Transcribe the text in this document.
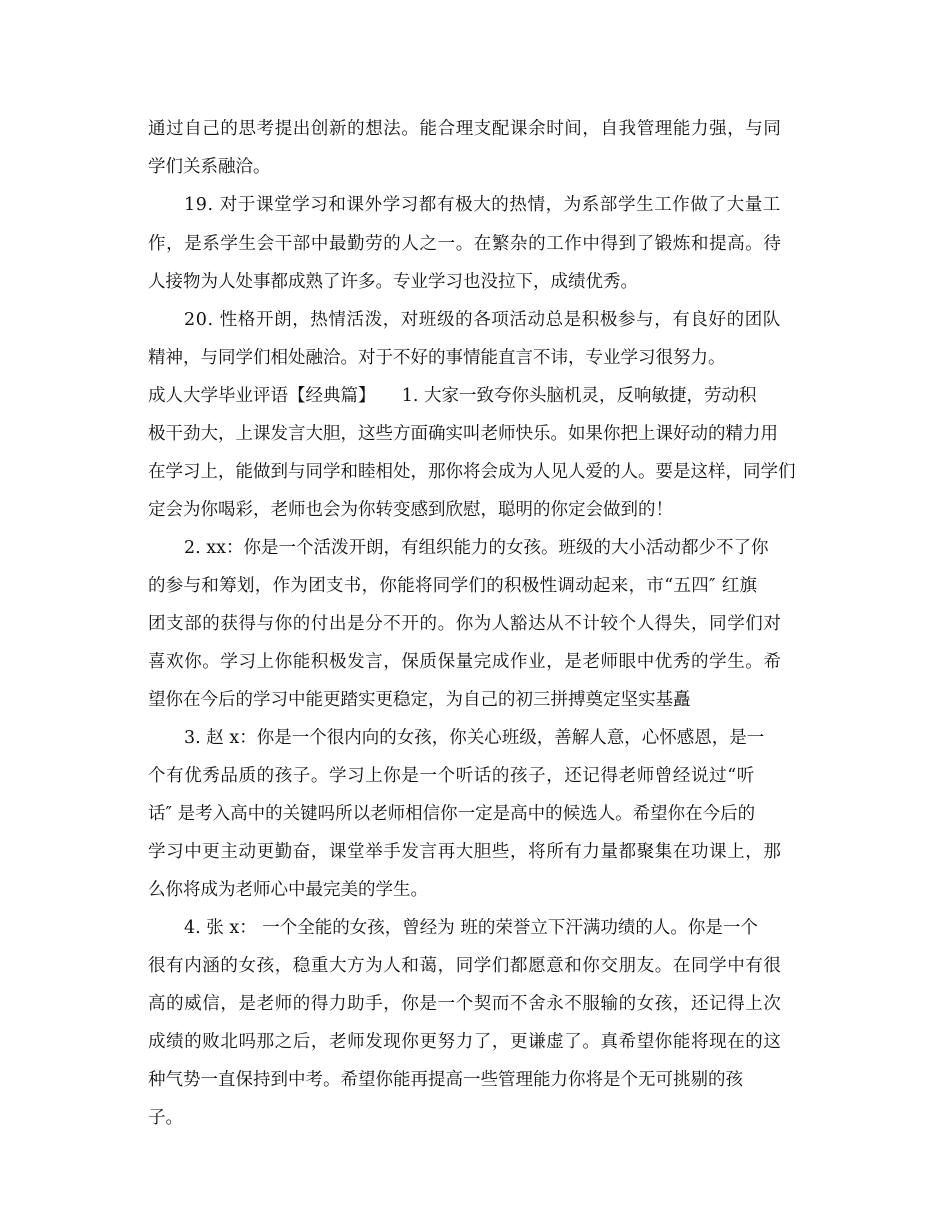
通过自己的思考提出创新的想法。能合理支配课余时间，自我管理能力强，与同
学们关系融洽。
19. 对于课堂学习和课外学习都有极大的热情，为系部学生工作做了大量工
作，是系学生会干部中最勤劳的人之一。在繁杂的工作中得到了锻炼和提高。待
人接物为人处事都成熟了许多。专业学习也没拉下，成绩优秀。
20. 性格开朗，热情活泼，对班级的各项活动总是积极参与，有良好的团队
精神，与同学们相处融洽。对于不好的事情能直言不讳，专业学习很努力。
成人大学毕业评语【经典篇】　　1. 大家一致夸你头脑机灵，反响敏捷，劳动积
极干劲大，上课发言大胆，这些方面确实叫老师快乐。如果你把上课好动的精力用
在学习上，能做到与同学和睦相处，那你将会成为人见人爱的人。要是这样，同学们
定会为你喝彩，老师也会为你转变感到欣慰，聪明的你定会做到的！
2. xx：你是一个活泼开朗，有组织能力的女孩。班级的大小活动都少不了你
的参与和筹划，作为团支书，你能将同学们的积极性调动起来，市“五四″ 红旗
团支部的获得与你的付出是分不开的。你为人豁达从不计较个人得失，同学们对
喜欢你。学习上你能积极发言，保质保量完成作业，是老师眼中优秀的学生。希
望你在今后的学习中能更踏实更稳定，为自己的初三拼搏奠定坚实基矗
3. 赵 x：你是一个很内向的女孩，你关心班级，善解人意，心怀感恩，是一
个有优秀品质的孩子。学习上你是一个听话的孩子，还记得老师曾经说过“听
话″ 是考入高中的关键吗所以老师相信你一定是高中的候选人。希望你在今后的
学习中更主动更勤奋，课堂举手发言再大胆些，将所有力量都聚集在功课上，那
么你将成为老师心中最完美的学生。
4. 张 x： 一个全能的女孩，曾经为 班的荣誉立下汗满功绩的人。你是一个
很有内涵的女孩，稳重大方为人和蔼，同学们都愿意和你交朋友。在同学中有很
高的威信，是老师的得力助手，你是一个契而不舍永不服输的女孩，还记得上次
成绩的败北吗那之后，老师发现你更努力了，更谦虚了。真希望你能将现在的这
种气势一直保持到中考。希望你能再提高一些管理能力你将是个无可挑剔的孩
子。
